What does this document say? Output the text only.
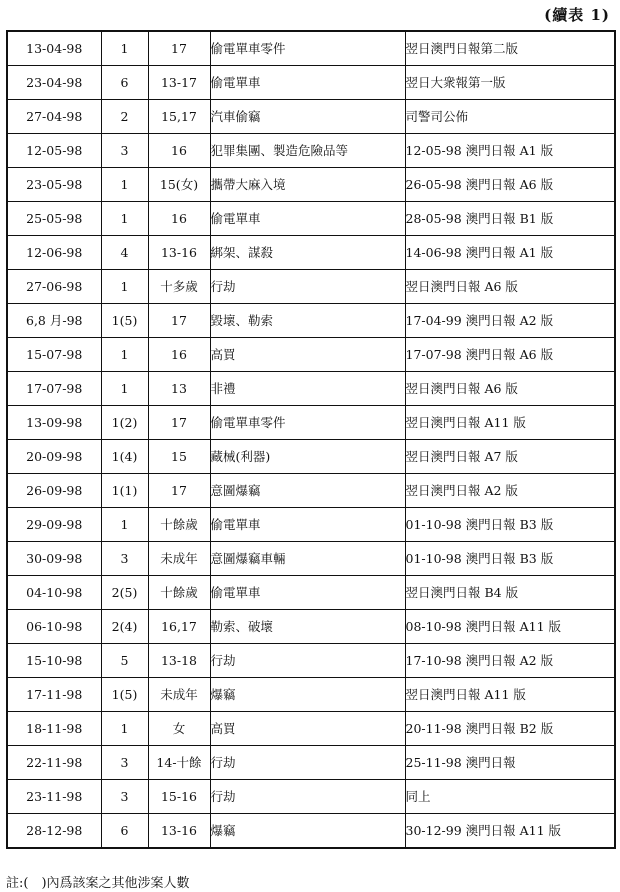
(續表 1)
13-04-98	1	17	偷電單車零件	翌日澳門日報第二版
23-04-98	6	13-17	偷電單車	翌日大衆報第一版
27-04-98	2	15,17	汽車偷竊	司警司公佈
12-05-98	3	16	犯罪集團、製造危險品等	12-05-98 澳門日報 A1 版
23-05-98	1	15(女)	攜帶大麻入境	26-05-98 澳門日報 A6 版
25-05-98	1	16	偷電單車	28-05-98 澳門日報 B1 版
12-06-98	4	13-16	綁架、謀殺	14-06-98 澳門日報 A1 版
27-06-98	1	十多歲	行劫	翌日澳門日報 A6 版
6,8 月-98	1(5)	17	毀壞、勒索	17-04-99 澳門日報 A2 版
15-07-98	1	16	高買	17-07-98 澳門日報 A6 版
17-07-98	1	13	非禮	翌日澳門日報 A6 版
13-09-98	1(2)	17	偷電單車零件	翌日澳門日報 A11 版
20-09-98	1(4)	15	藏械(利器)	翌日澳門日報 A7 版
26-09-98	1(1)	17	意圖爆竊	翌日澳門日報 A2 版
29-09-98	1	十餘歲	偷電單車	01-10-98 澳門日報 B3 版
30-09-98	3	未成年	意圖爆竊車輛	01-10-98 澳門日報 B3 版
04-10-98	2(5)	十餘歲	偷電單車	翌日澳門日報 B4 版
06-10-98	2(4)	16,17	勒索、破壞	08-10-98 澳門日報 A11 版
15-10-98	5	13-18	行劫	17-10-98 澳門日報 A2 版
17-11-98	1(5)	未成年	爆竊	翌日澳門日報 A11 版
18-11-98	1	女	高買	20-11-98 澳門日報 B2 版
22-11-98	3	14-十餘	行劫	25-11-98 澳門日報
23-11-98	3	15-16	行劫	同上
28-12-98	6	13-16	爆竊	30-12-99 澳門日報 A11 版
註:(　)內爲該案之其他涉案人數
